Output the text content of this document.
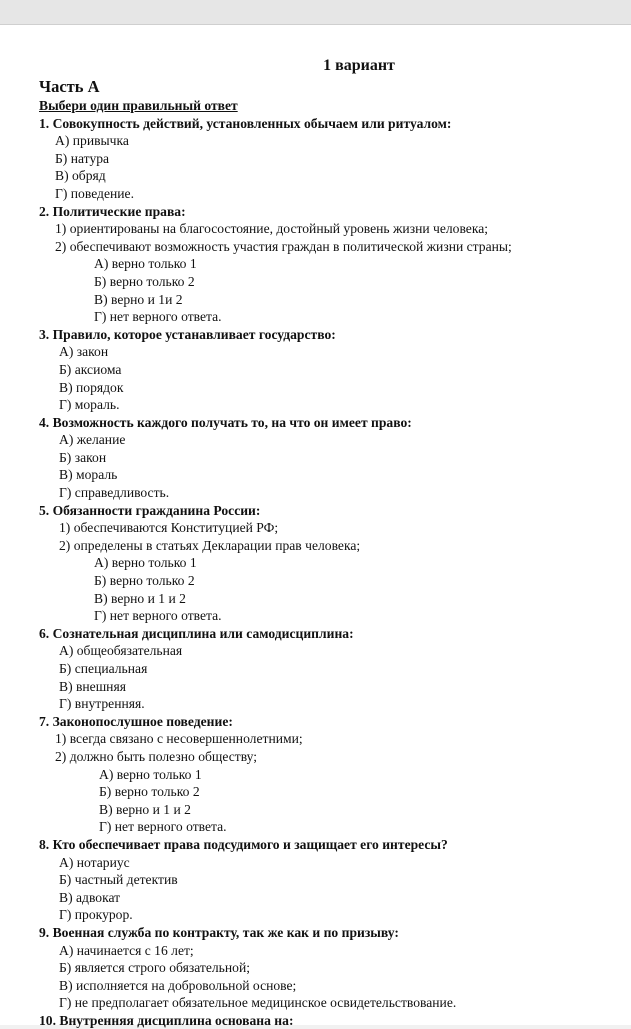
1 вариант
Часть А
Выбери один правильный ответ
1. Совокупность действий, установленных обычаем или ритуалом:
А) привычка
Б) натура
В) обряд
Г) поведение.
2. Политические права:
1) ориентированы на благосостояние, достойный уровень жизни человека;
2) обеспечивают возможность участия граждан в политической жизни страны;
А) верно только 1
Б) верно только 2
В) верно и 1и 2
Г) нет верного ответа.
3. Правило, которое устанавливает государство:
А) закон
Б) аксиома
В) порядок
Г) мораль.
4. Возможность каждого получать то, на что он имеет право:
А) желание
Б) закон
В) мораль
Г) справедливость.
5. Обязанности гражданина России:
1) обеспечиваются Конституцией РФ;
2) определены в статьях Декларации прав человека;
А) верно только 1
Б) верно только 2
В) верно и 1 и 2
Г) нет верного ответа.
6. Сознательная дисциплина или самодисциплина:
А) общеобязательная
Б) специальная
В) внешняя
Г) внутренняя.
7. Законопослушное поведение:
1) всегда связано с несовершеннолетними;
2) должно быть полезно обществу;
А) верно только 1
Б) верно только 2
В) верно и 1 и 2
Г) нет верного ответа.
8. Кто обеспечивает права подсудимого и защищает его интересы?
А) нотариус
Б) частный детектив
В) адвокат
Г) прокурор.
9. Военная служба по контракту, так же как и по призыву:
А) начинается с 16 лет;
Б) является строго обязательной;
В) исполняется на добровольной основе;
Г) не предполагает обязательное медицинское освидетельствование.
10. Внутренняя дисциплина основана на:
